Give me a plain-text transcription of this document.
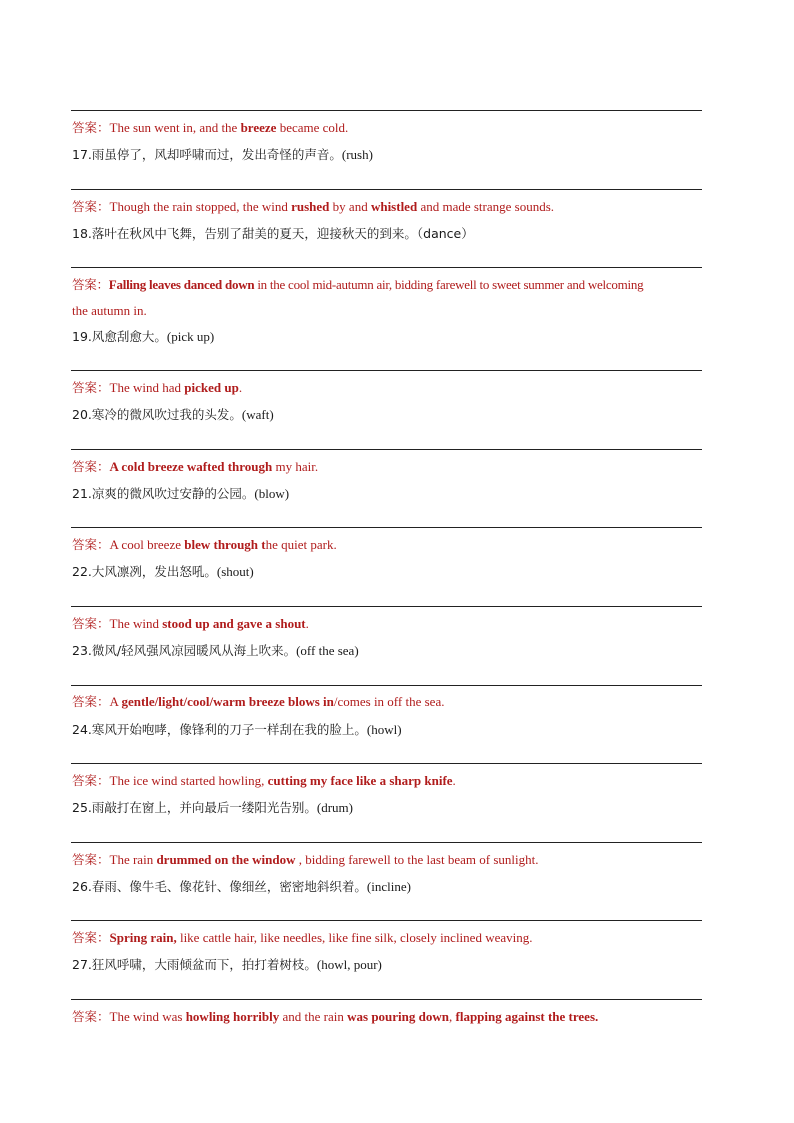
答案：The sun went in, and the breeze became cold.
17.雨虽停了，风却呼啸而过，发出奇怪的声音。(rush)
答案：Though the rain stopped, the wind rushed by and whistled and made strange sounds.
18.落叶在秋风中飞舞，告别了甜美的夏天，迎接秋天的到来。（dance）
答案：Falling leaves danced down in the cool mid-autumn air, bidding farewell to sweet summer and welcoming
the autumn in.
19.风愈刮愈大。(pick up)
答案：The wind had picked up.
20.寒冷的微风吹过我的头发。(waft)
答案：A cold breeze wafted through my hair.
21.凉爽的微风吹过安静的公园。(blow)
答案：A cool breeze blew through the quiet park.
22.大风凛冽，发出怒吼。(shout)
答案：The wind stood up and gave a shout.
23.微风/轻风强风凉园暖风从海上吹来。(off the sea)
答案：A gentle/light/cool/warm breeze blows in/comes in off the sea.
24.寒风开始咆哮，像锋利的刀子一样刮在我的脸上。(howl)
答案：The ice wind started howling, cutting my face like a sharp knife.
25.雨敲打在窗上，并向最后一缕阳光告别。(drum)
答案：The rain drummed on the window , bidding farewell to the last beam of sunlight.
26.春雨、像牛毛、像花针、像细丝，密密地斜织着。(incline)
答案：Spring rain, like cattle hair, like needles, like fine silk, closely inclined weaving.
27.狂风呼啸，大雨倾盆而下，拍打着树枝。(howl, pour)
答案：The wind was howling horribly and the rain was pouring down, flapping against the trees.
